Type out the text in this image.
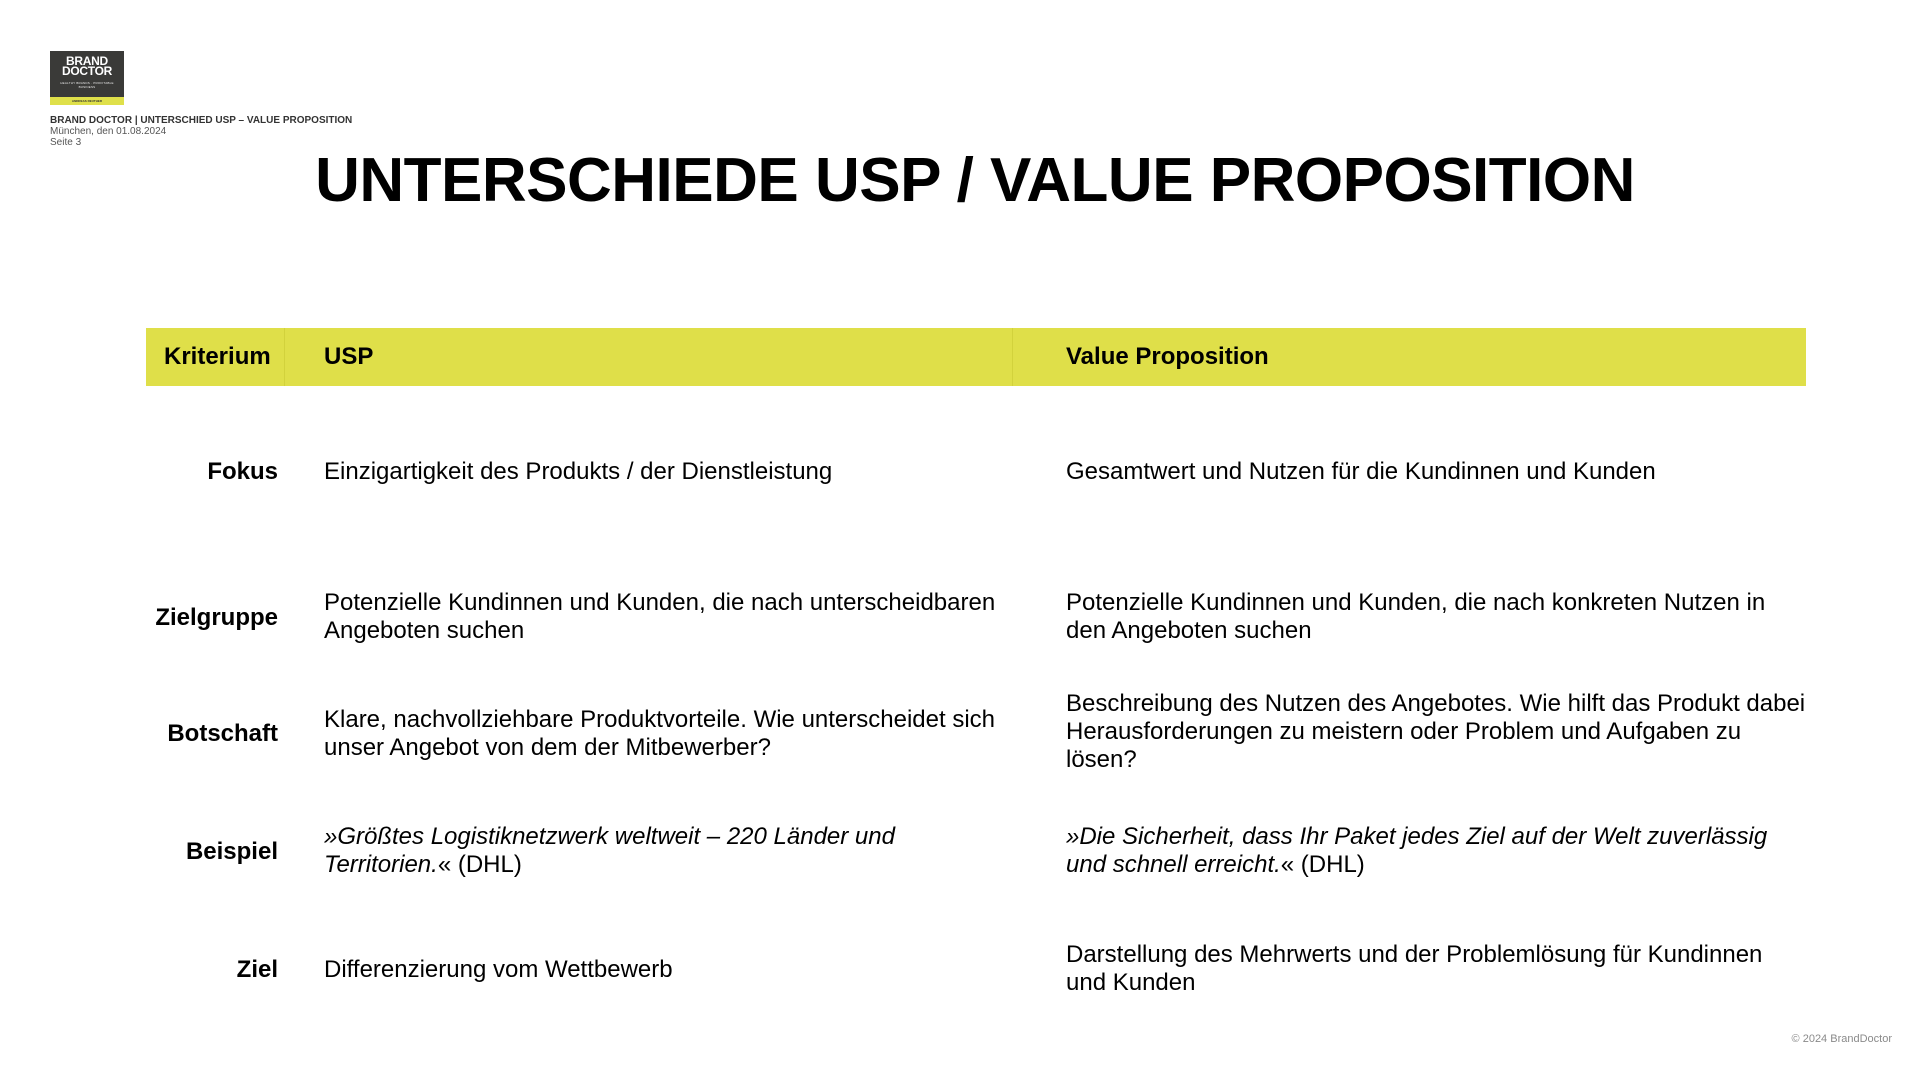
BRAND
DOCTOR
HEALTHY BRANDS · PROFITABLE BUSINESS
ANDREAS REUTHER
BRAND DOCTOR | UNTERSCHIED USP – VALUE PROPOSITION
München, den 01.08.2024
Seite 3
UNTERSCHIEDE USP / VALUE PROPOSITION
Kriterium USP	Value Proposition
Fokus Einzigartigkeit des Produkts / der Dienstleistung	Gesamtwert und Nutzen für die Kundinnen und Kunden
Zielgruppe
Potenzielle Kundinnen und Kunden, die nach unterscheidbaren Angeboten suchen
Potenzielle Kundinnen und Kunden, die nach konkreten Nutzen in den Angeboten suchen
Botschaft
Klare, nachvollziehbare Produktvorteile. Wie unterscheidet sich unser Angebot von dem der Mitbewerber?
Beschreibung des Nutzen des Angebotes. Wie hilft das Produkt dabei Herausforderungen zu meistern oder Problem und Aufgaben zu lösen?
Beispiel
»Größtes Logistiknetzwerk weltweit – 220 Länder und Territorien.« (DHL)
»Die Sicherheit, dass Ihr Paket jedes Ziel auf der Welt zuverlässig und schnell erreicht.« (DHL)
Ziel Differenzierung vom Wettbewerb
Darstellung des Mehrwerts und der Problemlösung für Kundinnen und Kunden
© 2024 BrandDoctor
